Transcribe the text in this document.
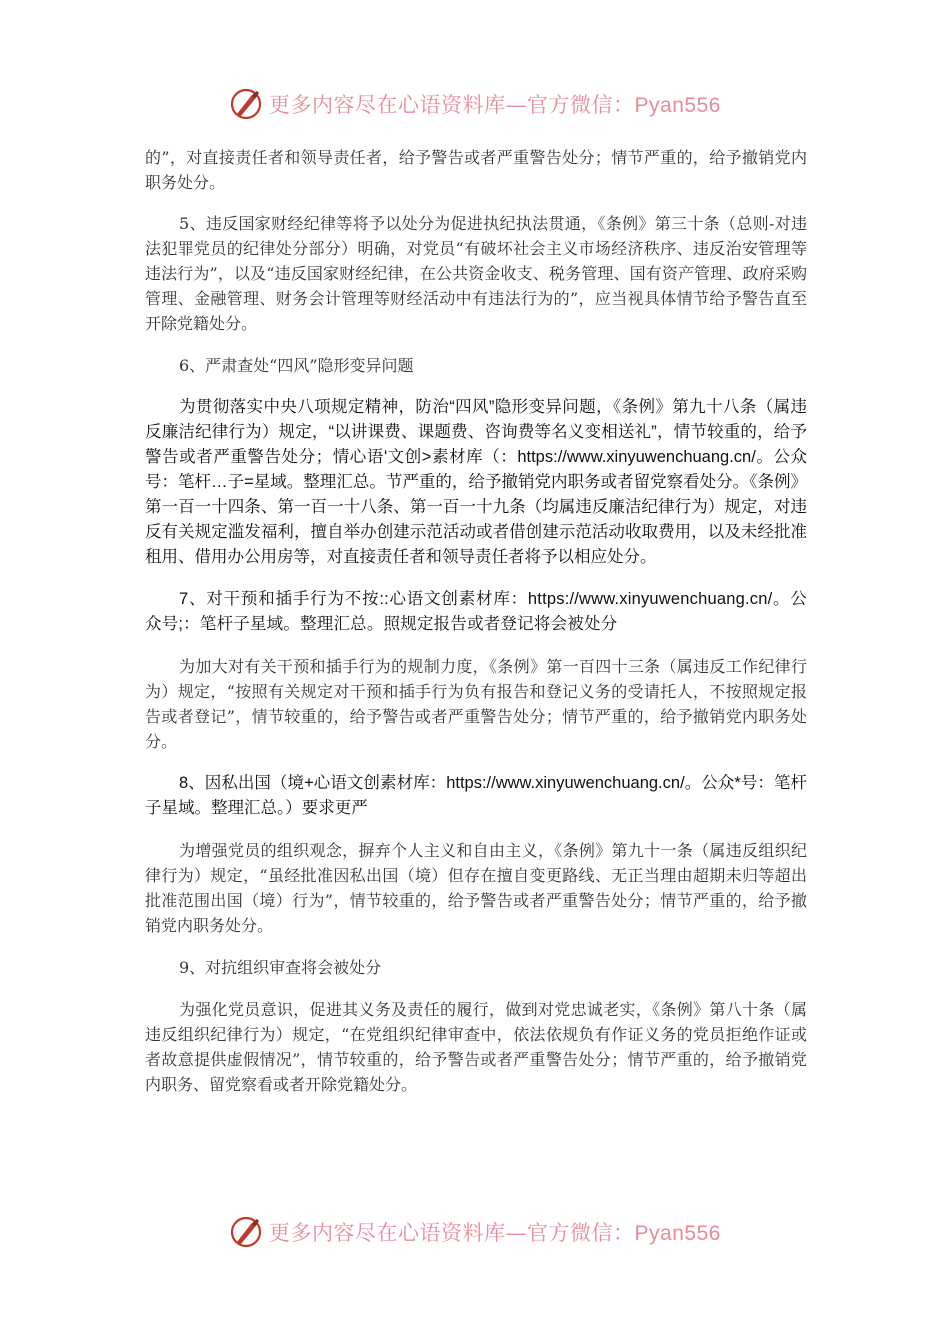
更多内容尽在心语资料库—官方微信：Pyan556

的”，对直接责任者和领导责任者，给予警告或者严重警告处分；情节严重的，给予撤销党内职务处分。

5、违反国家财经纪律等将予以处分为促进执纪执法贯通，《条例》第三十条（总则-对违法犯罪党员的纪律处分部分）明确，对党员“有破坏社会主义市场经济秩序、违反治安管理等违法行为”，以及“违反国家财经纪律，在公共资金收支、税务管理、国有资产管理、政府采购管理、金融管理、财务会计管理等财经活动中有违法行为的”，应当视具体情节给予警告直至开除党籍处分。

6、严肃查处“四风”隐形变异问题

为贯彻落实中央八项规定精神，防治“四风”隐形变异问题，《条例》第九十八条（属违反廉洁纪律行为）规定，“以讲课费、课题费、咨询费等名义变相送礼”，情节较重的，给予警告或者严重警告处分；情心语'文创>素材库（：https://www.xinyuwenchuang.cn/。公众号：笔杆…子=星域。整理汇总。节严重的，给予撤销党内职务或者留党察看处分。《条例》第一百一十四条、第一百一十八条、第一百一十九条（均属违反廉洁纪律行为）规定，对违反有关规定滥发福利，擅自举办创建示范活动或者借创建示范活动收取费用，以及未经批准租用、借用办公用房等，对直接责任者和领导责任者将予以相应处分。

7、对干预和插手行为不按::心语文创素材库：https://www.xinyuwenchuang.cn/。公众号;：笔杆子星域。整理汇总。照规定报告或者登记将会被处分

为加大对有关干预和插手行为的规制力度，《条例》第一百四十三条（属违反工作纪律行为）规定，“按照有关规定对干预和插手行为负有报告和登记义务的受请托人，不按照规定报告或者登记”，情节较重的，给予警告或者严重警告处分；情节严重的，给予撤销党内职务处分。

8、因私出国（境+心语文创素材库：https://www.xinyuwenchuang.cn/。公众*号：笔杆子星域。整理汇总。）要求更严

为增强党员的组织观念，摒弃个人主义和自由主义，《条例》第九十一条（属违反组织纪律行为）规定，“虽经批准因私出国（境）但存在擅自变更路线、无正当理由超期未归等超出批准范围出国（境）行为”，情节较重的，给予警告或者严重警告处分；情节严重的，给予撤销党内职务处分。

9、对抗组织审查将会被处分

为强化党员意识，促进其义务及责任的履行，做到对党忠诚老实，《条例》第八十条（属违反组织纪律行为）规定，“在党组织纪律审查中，依法依规负有作证义务的党员拒绝作证或者故意提供虚假情况”，情节较重的，给予警告或者严重警告处分；情节严重的，给予撤销党内职务、留党察看或者开除党籍处分。

更多内容尽在心语资料库—官方微信：Pyan556
